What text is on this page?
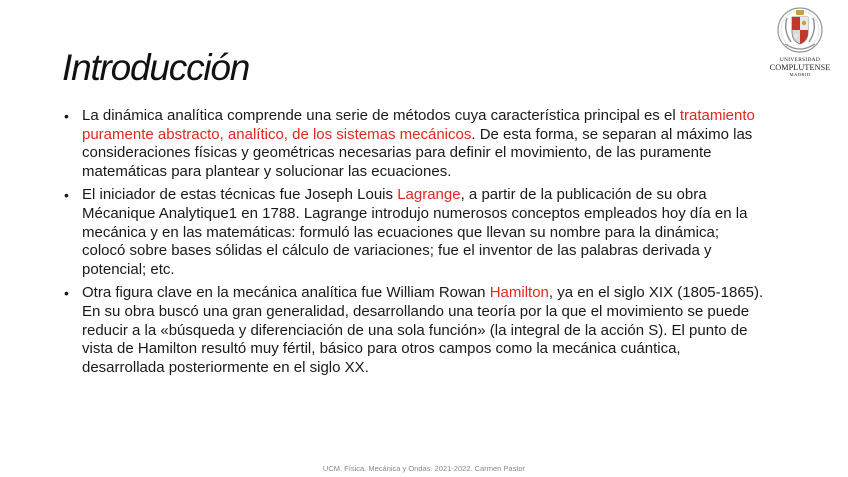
Introducción	UNIVERSIDAD
COMPLUTENSE
MADRID
• La dinámica analítica comprende una serie de métodos cuya característica principal es el tratamiento puramente abstracto, analítico, de los sistemas mecánicos. De esta forma, se separan al máximo las consideraciones físicas y geométricas necesarias para definir el movimiento, de las puramente matemáticas para plantear y solucionar las ecuaciones.
• El iniciador de estas técnicas fue Joseph Louis Lagrange, a partir de la publicación de su obra Mécanique Analytique1 en 1788. Lagrange introdujo numerosos conceptos empleados hoy día en la mecánica y en las matemáticas: formuló las ecuaciones que llevan su nombre para la dinámica; colocó sobre bases sólidas el cálculo de variaciones; fue el inventor de las palabras derivada y potencial; etc.
• Otra figura clave en la mecánica analítica fue William Rowan Hamilton, ya en el siglo XIX (1805-1865). En su obra buscó una gran generalidad, desarrollando una teoría por la que el movimiento se puede reducir a la «búsqueda y diferenciación de una sola función» (la integral de la acción S). El punto de vista de Hamilton resultó muy fértil, básico para otros campos como la mecánica cuántica, desarrollada posteriormente en el siglo XX.
UCM. Física. Mecánica y Ondas. 2021-2022. Carmen Pastor
